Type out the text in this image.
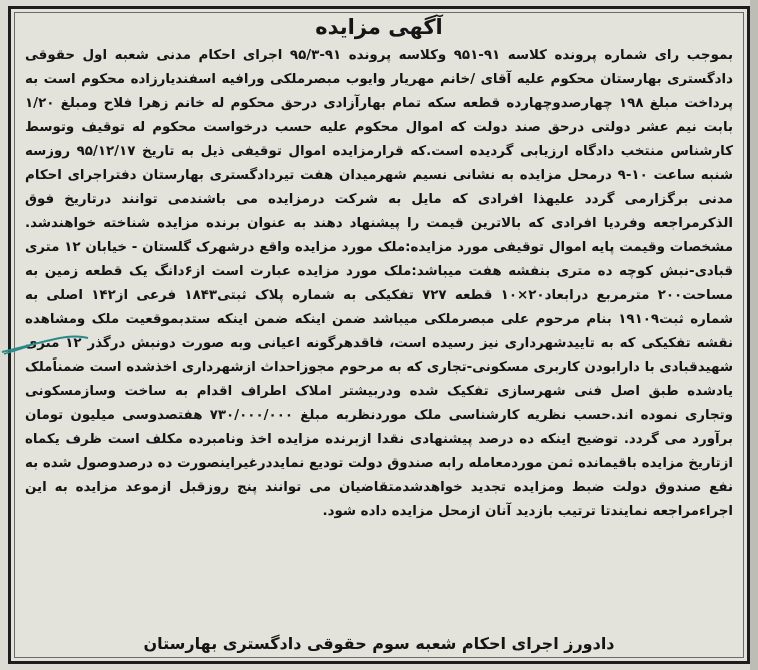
آگهی مزایده
بموجب رای شماره پرونده کلاسه ۹۱-۹۵۱ وکلاسه پرونده ۹۱-۹۵/۳ اجرای احکام مدنی شعبه اول حقوقی دادگستری بهارستان محکوم علیه آقای /خانم مهریار وایوب مبصرملکی ورافیه اسفندیارزاده محکوم است به پرداخت مبلغ ۱۹۸ چهارصدوچهارده قطعه سکه تمام بهارآزادی درحق محکوم له خانم زهرا فلاح ومبلغ ۱/۲۰ بابت نیم عشر دولتی درحق صند دولت که اموال محکوم علیه حسب درخواست محکوم له توقیف وتوسط کارشناس منتخب دادگاه ارزیابی گردیده است.که قرارمزایده اموال توقیفی ذیل به تاریخ ۹۵/۱۲/۱۷ روزسه شنبه ساعت ۱۰-۹ درمحل مزایده به نشانی نسیم شهرمیدان هفت تیردادگستری بهارستان دفتراجرای احکام مدنی برگزارمی گردد علیهذا افرادی که مایل به شرکت درمزایده می باشندمی توانند درتاریخ فوق الذکرمراجعه وفردیا افرادی که بالاترین قیمت را پیشنهاد دهند به عنوان برنده مزایده شناخته خواهندشد. مشخصات وقیمت پایه اموال توقیفی مورد مزایده:ملک مورد مزایده واقع درشهرک گلستان - خیابان ۱۲ متری قبادی-نبش کوچه ده متری بنفشه هفت میباشد:ملک مورد مزایده عبارت است از۶دانگ یک قطعه زمین به مساحت۲۰۰ مترمربع درابعاد۲۰×۱۰ قطعه ۷۲۷ تفکیکی به شماره پلاک ثبتی۱۸۴۳ فرعی از۱۴۲ اصلی به شماره ثبت۱۹۱۰۹ بنام مرحوم علی مبصرملکی میباشد ضمن اینکه ضمن اینکه ستدبموقعیت ملک ومشاهده نقشه تفکیکی که به تاییدشهرداری نیز رسیده است، فاقدهرگونه اعیانی وبه صورت دونبش درگذر ۱۲ متری شهیدقبادی با دارابودن کاربری مسکونی-تجاری که به مرحوم مجوزاحداث ازشهرداری اخذشده است ضمناًملک یادشده طبق اصل فنی شهرسازی تفکیک شده ودربیشتر املاک اطراف اقدام به ساخت وسازمسکونی وتجاری نموده اند.حسب نظریه کارشناسی ملک موردنظربه مبلغ ۷۳۰/۰۰۰/۰۰۰ هفتصدوسی میلیون تومان برآورد می گردد. توضیح اینکه ده درصد پیشنهادی نقدا ازبرنده مزایده اخذ ونامبرده مکلف است ظرف یکماه ازتاریخ مزایده باقیمانده ثمن موردمعامله رابه صندوق دولت تودیع نمایددرغیراینصورت ده درصدوصول شده به نفع صندوق دولت ضبط ومزایده تجدید خواهدشدمتقاضیان می توانند پنج روزقبل ازموعد مزایده به این اجراءمراجعه نمایندتا ترتیب بازدید آنان ازمحل مزایده داده شود.
دادورز اجرای احکام شعبه سوم حقوقی دادگستری بهارستان
